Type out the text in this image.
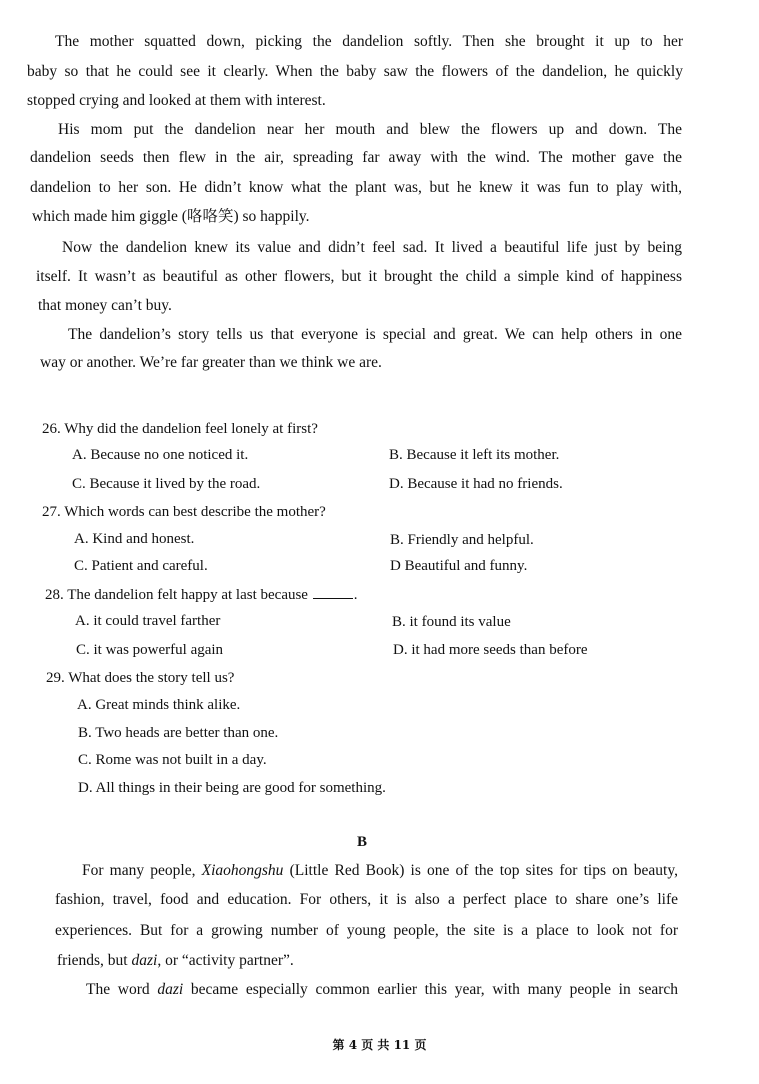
The mother squatted down, picking the dandelion softly. Then she brought it up to her
baby so that he could see it clearly. When the baby saw the flowers of the dandelion, he quickly
stopped crying and looked at them with interest.
His mom put the dandelion near her mouth and blew the flowers up and down. The
dandelion seeds then flew in the air, spreading far away with the wind. The mother gave the
dandelion to her son. He didn’t know what the plant was, but he knew it was fun to play with,
which made him giggle (咯咯笑) so happily.
Now the dandelion knew its value and didn’t feel sad. It lived a beautiful life just by being
itself. It wasn’t as beautiful as other flowers, but it brought the child a simple kind of happiness
that money can’t buy.
The dandelion’s story tells us that everyone is special and great. We can help others in one
way or another. We’re far greater than we think we are.
26. Why did the dandelion feel lonely at first?
A. Because no one noticed it.	B. Because it left its mother.
C. Because it lived by the road.	D. Because it had no friends.
27. Which words can best describe the mother?
A. Kind and honest.	B. Friendly and helpful.
C. Patient and careful.	D Beautiful and funny.
28. The dandelion felt happy at last because	.
A. it could travel farther	B. it found its value
C. it was powerful again	D. it had more seeds than before
29. What does the story tell us?
A. Great minds think alike.
B. Two heads are better than one.
C. Rome was not built in a day.
D. All things in their being are good for something.
B
For many people, Xiaohongshu (Little Red Book) is one of the top sites for tips on beauty,
fashion, travel, food and education. For others, it is also a perfect place to share one’s life
experiences. But for a growing number of young people, the site is a place to look not for
friends, but dazi, or “activity partner”.
The word dazi became especially common earlier this year, with many people in search
第 4 页 共 11 页
